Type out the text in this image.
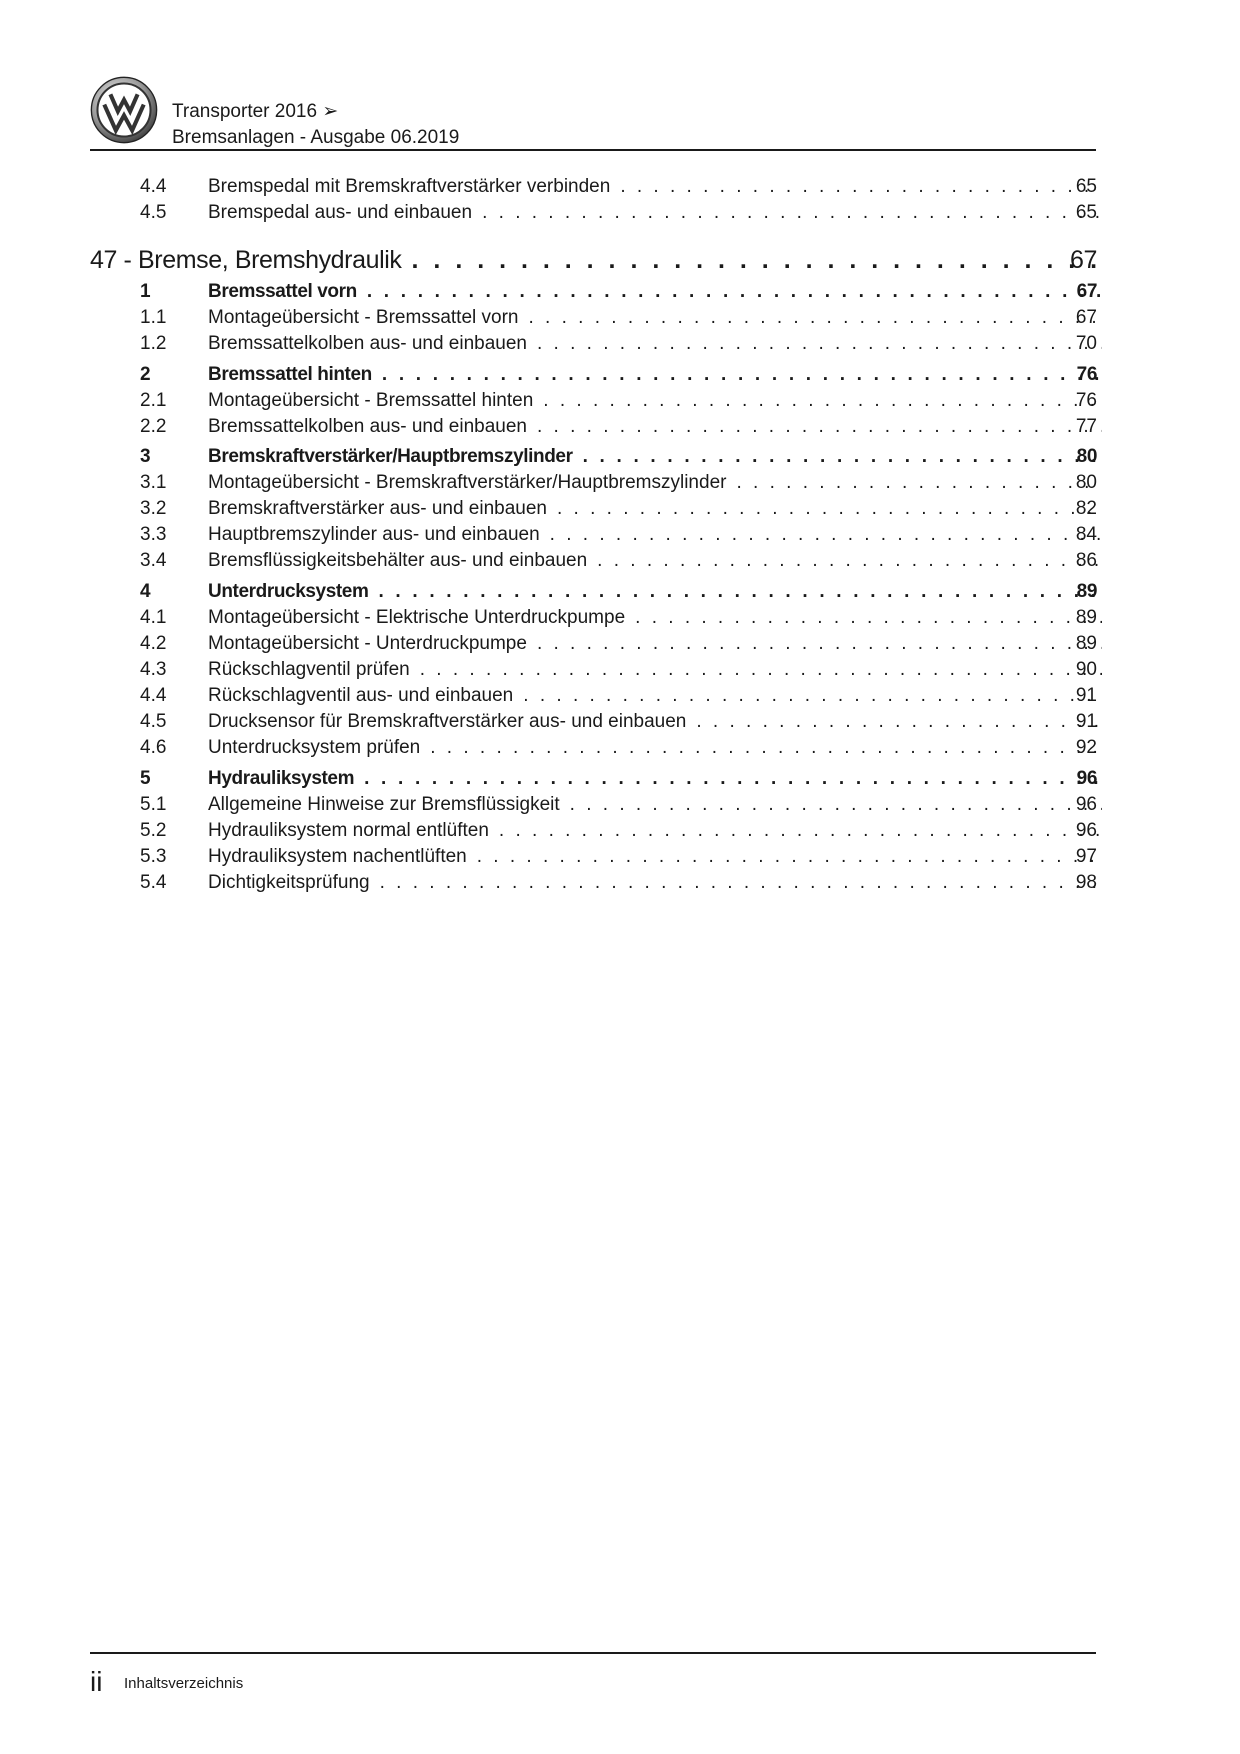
Transporter 2016 ➢
Bremsanlagen - Ausgabe 06.2019
4.4 Bremspedal mit Bremskraftverstärker verbinden . . .	65
4.5 Bremspedal aus- und einbauen . . .	65
47 - Bremse, Bremshydraulik . . .	67
1	Bremssattel vorn . . .	67
1.1 Montageübersicht - Bremssattel vorn . . .	67
1.2 Bremssattelkolben aus- und einbauen . . .	70
2	Bremssattel hinten . . .	76
2.1 Montageübersicht - Bremssattel hinten . . .	76
2.2 Bremssattelkolben aus- und einbauen . . .	77
3	Bremskraftverstärker/Hauptbremszylinder . . .	80
3.1 Montageübersicht - Bremskraftverstärker/Hauptbremszylinder . . .	80
3.2 Bremskraftverstärker aus- und einbauen . . .	82
3.3 Hauptbremszylinder aus- und einbauen . . .	84
3.4 Bremsflüssigkeitsbehälter aus- und einbauen . . .	86
4	Unterdrucksystem . . .	89
4.1 Montageübersicht - Elektrische Unterdruckpumpe . . .	89
4.2 Montageübersicht - Unterdruckpumpe . . .	89
4.3 Rückschlagventil prüfen . . .	90
4.4 Rückschlagventil aus- und einbauen . . .	91
4.5 Drucksensor für Bremskraftverstärker aus- und einbauen . . .	91
4.6 Unterdrucksystem prüfen . . .	92
5	Hydrauliksystem . . .	96
5.1 Allgemeine Hinweise zur Bremsflüssigkeit . . .	96
5.2 Hydrauliksystem normal entlüften . . .	96
5.3 Hydrauliksystem nachentlüften . . .	97
5.4 Dichtigkeitsprüfung . . .	98
ii Inhaltsverzeichnis
